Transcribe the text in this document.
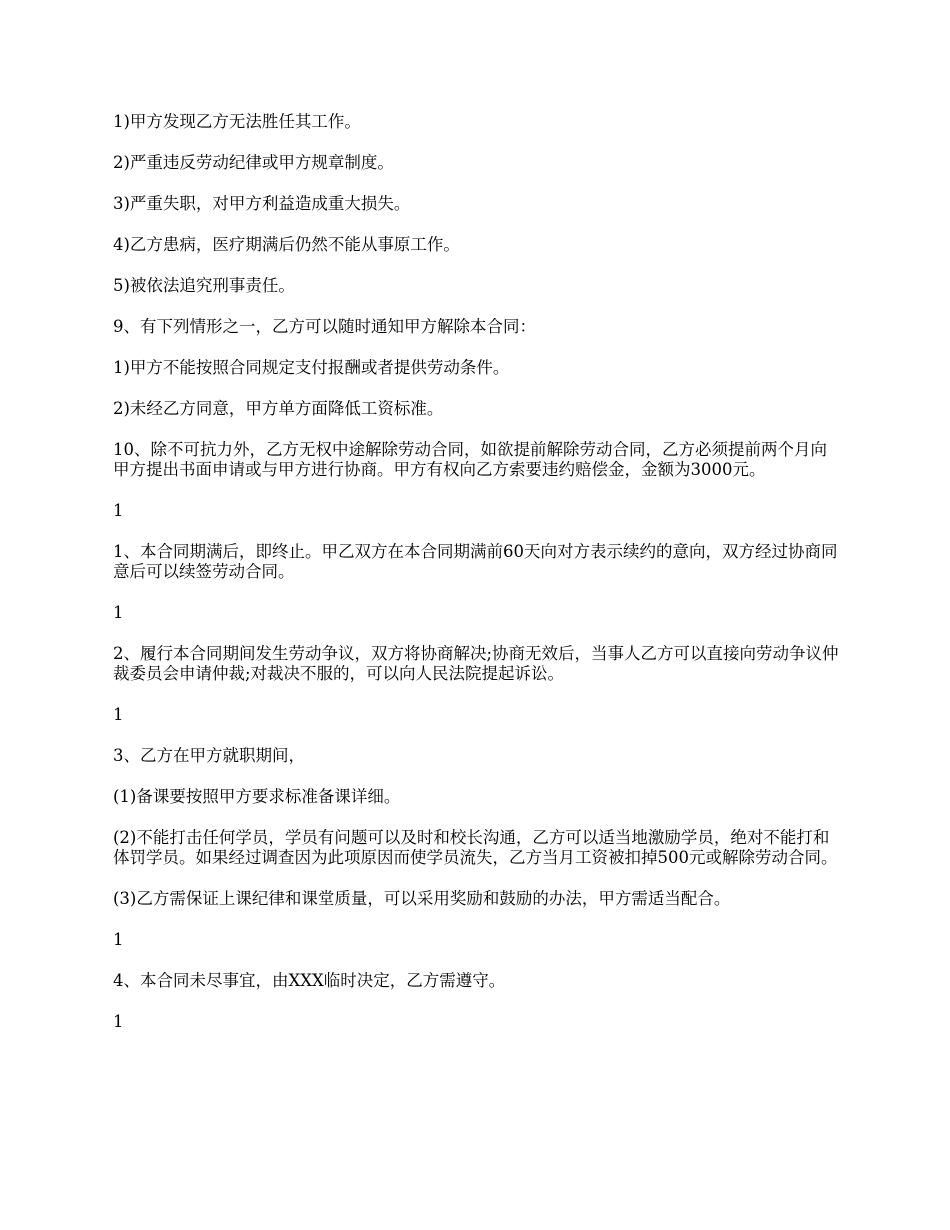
1)甲方发现乙方无法胜任其工作。

2)严重违反劳动纪律或甲方规章制度。

3)严重失职，对甲方利益造成重大损失。

4)乙方患病，医疗期满后仍然不能从事原工作。

5)被依法追究刑事责任。

9、有下列情形之一，乙方可以随时通知甲方解除本合同：

1)甲方不能按照合同规定支付报酬或者提供劳动条件。

2)未经乙方同意，甲方单方面降低工资标准。

10、除不可抗力外，乙方无权中途解除劳动合同，如欲提前解除劳动合同，乙方必须提前两个月向甲方提出书面申请或与甲方进行协商。甲方有权向乙方索要违约赔偿金，金额为3000元。

1

1、本合同期满后，即终止。甲乙双方在本合同期满前60天向对方表示续约的意向，双方经过协商同意后可以续签劳动合同。

1

2、履行本合同期间发生劳动争议，双方将协商解决;协商无效后，当事人乙方可以直接向劳动争议仲裁委员会申请仲裁;对裁决不服的，可以向人民法院提起诉讼。

1

3、乙方在甲方就职期间，

(1)备课要按照甲方要求标准备课详细。

(2)不能打击任何学员，学员有问题可以及时和校长沟通，乙方可以适当地激励学员，绝对不能打和体罚学员。如果经过调查因为此项原因而使学员流失，乙方当月工资被扣掉500元或解除劳动合同。

(3)乙方需保证上课纪律和课堂质量，可以采用奖励和鼓励的办法，甲方需适当配合。

1

4、本合同未尽事宜，由XXX临时决定，乙方需遵守。

1
